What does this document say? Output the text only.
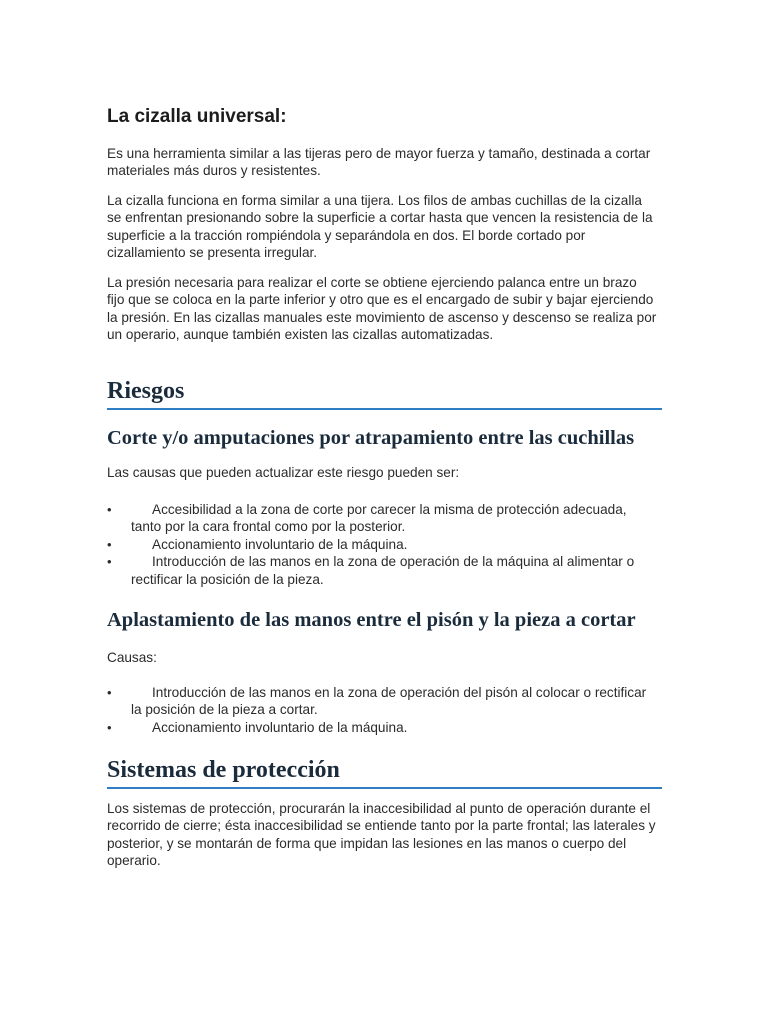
La cizalla universal:

Es una herramienta similar a las tijeras pero de mayor fuerza y tamaño, destinada a cortar materiales más duros y resistentes.

La cizalla funciona en forma similar a una tijera. Los filos de ambas cuchillas de la cizalla se enfrentan presionando sobre la superficie a cortar hasta que vencen la resistencia de la superficie a la tracción rompiéndola y separándola en dos. El borde cortado por cizallamiento se presenta irregular.

La presión necesaria para realizar el corte se obtiene ejerciendo palanca entre un brazo fijo que se coloca en la parte inferior y otro que es el encargado de subir y bajar ejerciendo la presión. En las cizallas manuales este movimiento de ascenso y descenso se realiza por un operario, aunque también existen las cizallas automatizadas.

Riesgos
Corte y/o amputaciones por atrapamiento entre las cuchillas

Las causas que pueden actualizar este riesgo pueden ser:

•	Accesibilidad a la zona de corte por carecer la misma de protección adecuada, tanto por la cara frontal como por la posterior.
•	Accionamiento involuntario de la máquina.
•	Introducción de las manos en la zona de operación de la máquina al alimentar o rectificar la posición de la pieza.
Aplastamiento de las manos entre el pisón y la pieza a cortar

Causas:

•	Introducción de las manos en la zona de operación del pisón al colocar o rectificar la posición de la pieza a cortar.
•	Accionamiento involuntario de la máquina.
Sistemas de protección

Los sistemas de protección, procurarán la inaccesibilidad al punto de operación durante el recorrido de cierre; ésta inaccesibilidad se entiende tanto por la parte frontal; las laterales y posterior, y se montarán de forma que impidan las lesiones en las manos o cuerpo del operario.
